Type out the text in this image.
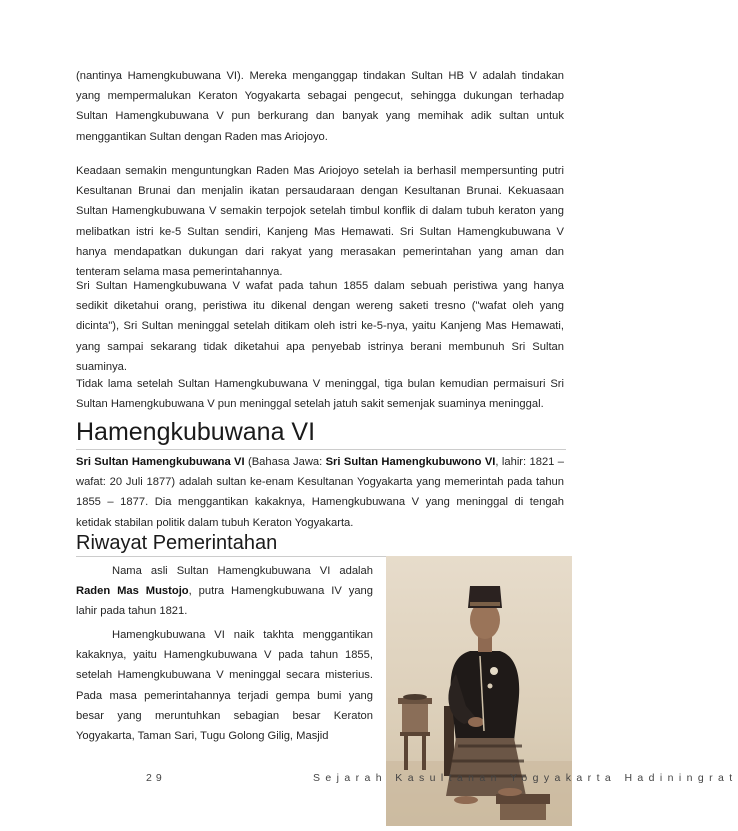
(nantinya Hamengkubuwana VI). Mereka menganggap tindakan Sultan HB V adalah tindakan yang mempermalukan Keraton Yogyakarta sebagai pengecut, sehingga dukungan terhadap Sultan Hamengkubuwana V pun berkurang dan banyak yang memihak adik sultan untuk menggantikan Sultan dengan Raden mas Ariojoyo.

Keadaan semakin menguntungkan Raden Mas Ariojoyo setelah ia berhasil mempersunting putri Kesultanan Brunai dan menjalin ikatan persaudaraan dengan Kesultanan Brunai. Kekuasaan Sultan Hamengkubuwana V semakin terpojok setelah timbul konflik di dalam tubuh keraton yang melibatkan istri ke-5 Sultan sendiri, Kanjeng Mas Hemawati. Sri Sultan Hamengkubuwana V hanya mendapatkan dukungan dari rakyat yang merasakan pemerintahan yang aman dan tenteram selama masa pemerintahannya.

Sri Sultan Hamengkubuwana V wafat pada tahun 1855 dalam sebuah peristiwa yang hanya sedikit diketahui orang, peristiwa itu dikenal dengan wereng saketi tresno ("wafat oleh yang dicinta"), Sri Sultan meninggal setelah ditikam oleh istri ke-5-nya, yaitu Kanjeng Mas Hemawati, yang sampai sekarang tidak diketahui apa penyebab istrinya berani membunuh Sri Sultan suaminya.

Tidak lama setelah Sultan Hamengkubuwana V meninggal, tiga bulan kemudian permaisuri Sri Sultan Hamengkubuwana V pun meninggal setelah jatuh sakit semenjak suaminya meninggal.

Hamengkubuwana VI

Sri Sultan Hamengkubuwana VI (Bahasa Jawa: Sri Sultan Hamengkubuwono VI, lahir: 1821 – wafat: 20 Juli 1877) adalah sultan ke-enam Kesultanan Yogyakarta yang memerintah pada tahun 1855 – 1877. Dia menggantikan kakaknya, Hamengkubuwana V yang meninggal di tengah ketidak stabilan politik dalam tubuh Keraton Yogyakarta.

Riwayat Pemerintahan

Nama asli Sultan Hamengkubuwana VI adalah Raden Mas Mustojo, putra Hamengkubuwana IV yang lahir pada tahun 1821.

Hamengkubuwana VI naik takhta menggantikan kakaknya, yaitu Hamengkubuwana V pada tahun 1855, setelah Hamengkubuwana V meninggal secara misterius. Pada masa pemerintahannya terjadi gempa bumi yang besar yang meruntuhkan sebagian besar Keraton Yogyakarta, Taman Sari, Tugu Golong Gilig, Masjid

29	Sejarah Kasultanan Yogyakarta Hadiningrat
